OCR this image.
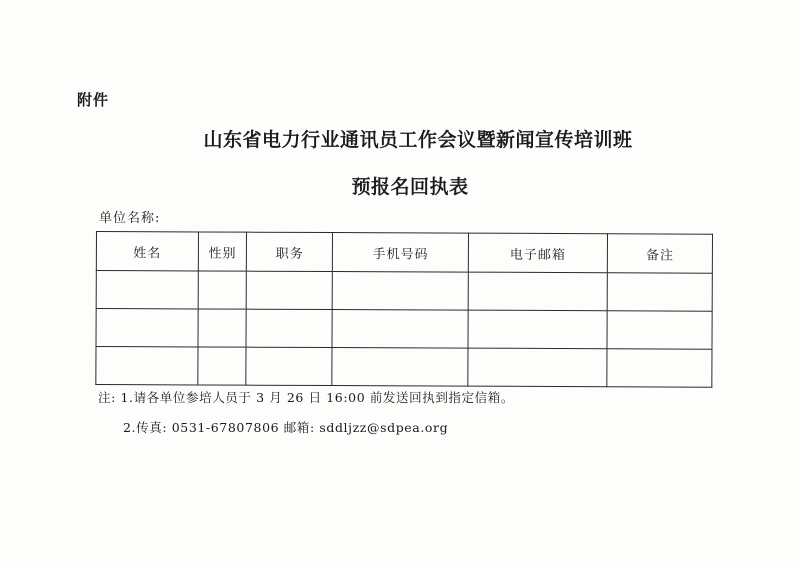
附件
山东省电力行业通讯员工作会议暨新闻宣传培训班
预报名回执表
单位名称:
姓名	性别	职务	手机号码	电子邮箱	备注

注: 1.请各单位参培人员于 3 月 26 日 16:00 前发送回执到指定信箱。
2.传真: 0531-67807806 邮箱: sddljzz@sdpea.org
